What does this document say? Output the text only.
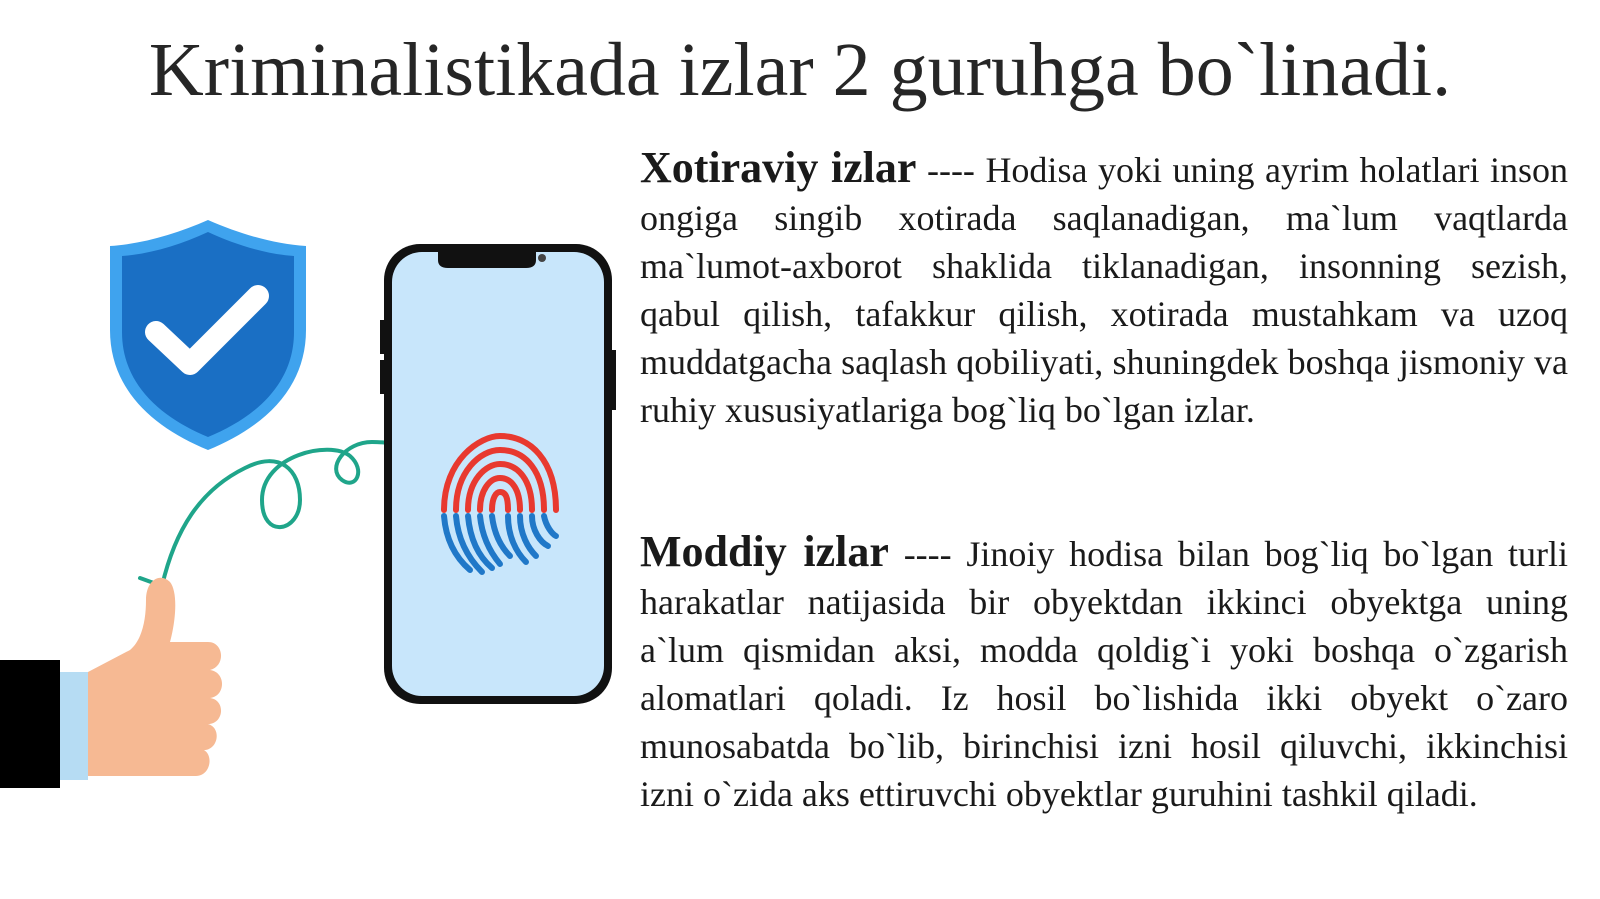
Kriminalistikada izlar 2 guruhga bo`linadi.
Xotiraviy izlar ---- Hodisa yoki uning ayrim holatlari inson ongiga singib xotirada saqlanadigan, ma`lum vaqtlarda ma`lumot-axborot shaklida tiklanadigan, insonning sezish, qabul qilish, tafakkur qilish, xotirada mustahkam va uzoq muddatgacha saqlash qobiliyati, shuningdek boshqa jismoniy va ruhiy xususiyatlariga bog`liq bo`lgan izlar.
Moddiy izlar ---- Jinoiy hodisa bilan bog`liq bo`lgan turli harakatlar natijasida bir obyektdan ikkinci obyektga uning a`lum qismidan aksi, modda qoldig`i yoki boshqa o`zgarish alomatlari qoladi. Iz hosil bo`lishida ikki obyekt o`zaro munosabatda bo`lib, birinchisi izni hosil qiluvchi, ikkinchisi izni o`zida aks ettiruvchi obyektlar guruhini tashkil qiladi.
